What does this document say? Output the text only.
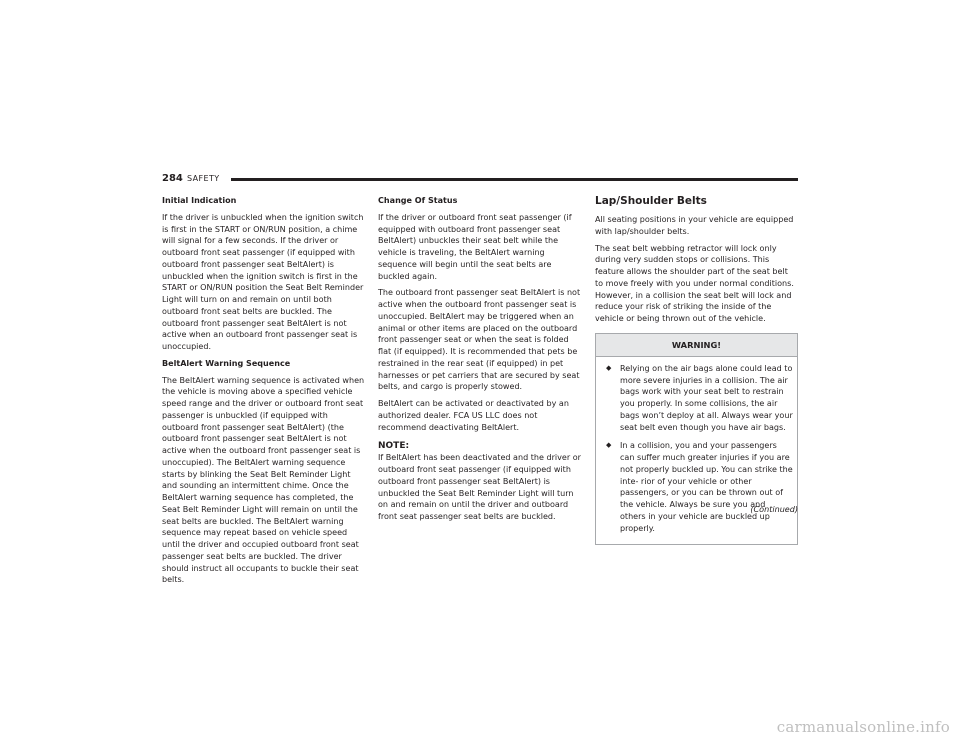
284 SAFETY
Initial Indication

If the driver is unbuckled when the ignition switch is first in the START or ON/RUN position, a chime will signal for a few seconds. If the driver or outboard front seat passenger (if equipped with outboard front passenger seat BeltAlert) is unbuckled when the ignition switch is first in the START or ON/RUN position the Seat Belt Reminder Light will turn on and remain on until both outboard front seat belts are buckled. The outboard front passenger seat BeltAlert is not active when an outboard front passenger seat is unoccupied.

BeltAlert Warning Sequence

The BeltAlert warning sequence is activated when the vehicle is moving above a specified vehicle speed range and the driver or outboard front seat passenger is unbuckled (if equipped with outboard front passenger seat BeltAlert) (the outboard front passenger seat BeltAlert is not active when the outboard front passenger seat is unoccupied). The BeltAlert warning sequence starts by blinking the Seat Belt Reminder Light and sounding an intermittent chime. Once the BeltAlert warning sequence has completed, the Seat Belt Reminder Light will remain on until the seat belts are buckled. The BeltAlert warning sequence may repeat based on vehicle speed until the driver and occupied outboard front seat passenger seat belts are buckled. The driver should instruct all occupants to buckle their seat belts.

Change Of Status

If the driver or outboard front seat passenger (if equipped with outboard front passenger seat BeltAlert) unbuckles their seat belt while the vehicle is traveling, the BeltAlert warning sequence will begin until the seat belts are buckled again.

The outboard front passenger seat BeltAlert is not active when the outboard front passenger seat is unoccupied. BeltAlert may be triggered when an animal or other items are placed on the outboard front passenger seat or when the seat is folded flat (if equipped). It is recommended that pets be restrained in the rear seat (if equipped) in pet harnesses or pet carriers that are secured by seat belts, and cargo is properly stowed.

BeltAlert can be activated or deactivated by an authorized dealer. FCA US LLC does not recommend deactivating BeltAlert.

NOTE:

If BeltAlert has been deactivated and the driver or outboard front seat passenger (if equipped with outboard front passenger seat BeltAlert) is unbuckled the Seat Belt Reminder Light will turn on and remain on until the driver and outboard front seat passenger seat belts are buckled.

Lap/Shoulder Belts

All seating positions in your vehicle are equipped with lap/shoulder belts.

The seat belt webbing retractor will lock only during very sudden stops or collisions. This feature allows the shoulder part of the seat belt to move freely with you under normal conditions. However, in a collision the seat belt will lock and reduce your risk of striking the inside of the vehicle or being thrown out of the vehicle.

WARNING!
◆	Relying on the air bags alone could lead to more severe injuries in a collision. The air bags work with your seat belt to restrain you properly. In some collisions, the air bags won’t deploy at all. Always wear your seat belt even though you have air bags.
◆	In a collision, you and your passengers can suffer much greater injuries if you are not properly buckled up. You can strike the inte- rior of your vehicle or other passengers, or you can be thrown out of the vehicle. Always be sure you and others in your vehicle are buckled up properly.
(Continued)
carmanualsonline.info
